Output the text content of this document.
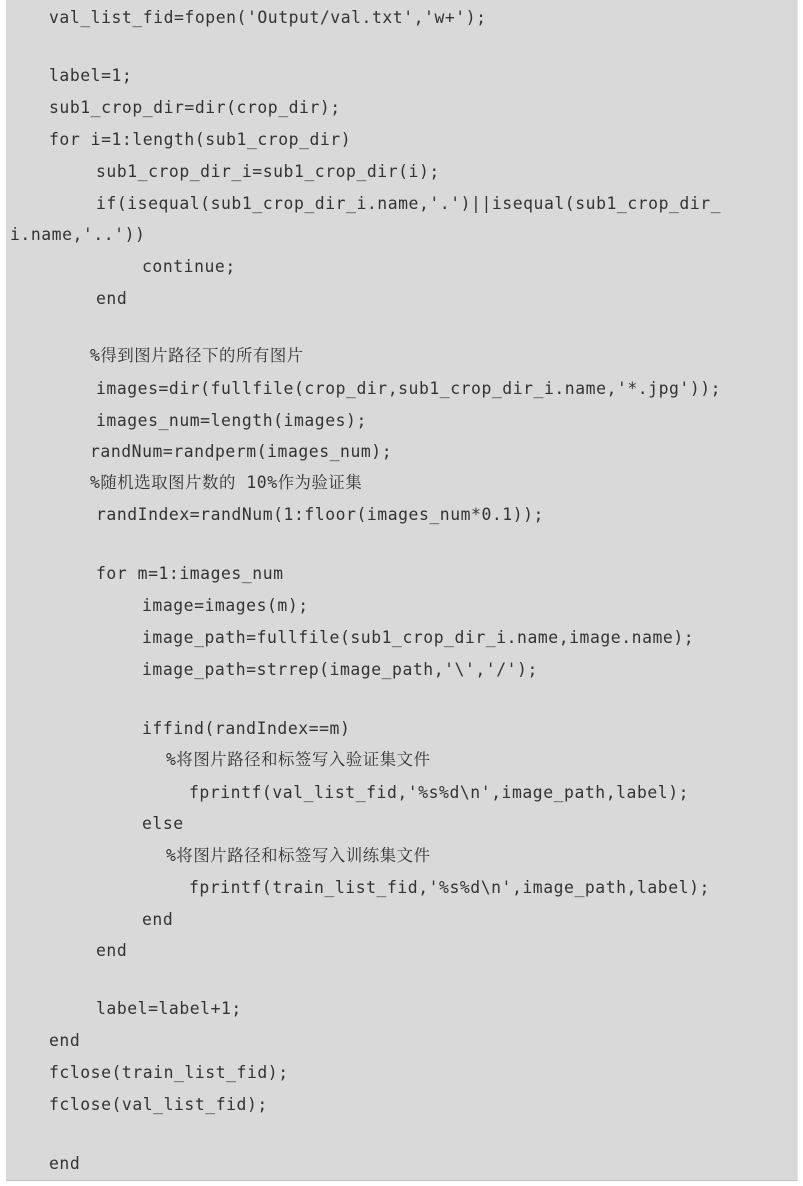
val_list_fid=fopen('Output/val.txt','w+');
label=1;
sub1_crop_dir=dir(crop_dir);
for i=1:length(sub1_crop_dir)
sub1_crop_dir_i=sub1_crop_dir(i);
if(isequal(sub1_crop_dir_i.name,'.')||isequal(sub1_crop_dir_
i.name,'..'))
continue;
end
%得到图片路径下的所有图片
images=dir(fullfile(crop_dir,sub1_crop_dir_i.name,'*.jpg'));
images_num=length(images);
randNum=randperm(images_num);
%随机选取图片数的 10%作为验证集
randIndex=randNum(1:floor(images_num*0.1));
for m=1:images_num
image=images(m);
image_path=fullfile(sub1_crop_dir_i.name,image.name);
image_path=strrep(image_path,'\','/');
iffind(randIndex==m)
%将图片路径和标签写入验证集文件
fprintf(val_list_fid,'%s%d\n',image_path,label);
else
%将图片路径和标签写入训练集文件
fprintf(train_list_fid,'%s%d\n',image_path,label);
end
end
label=label+1;
end
fclose(train_list_fid);
fclose(val_list_fid);
end
